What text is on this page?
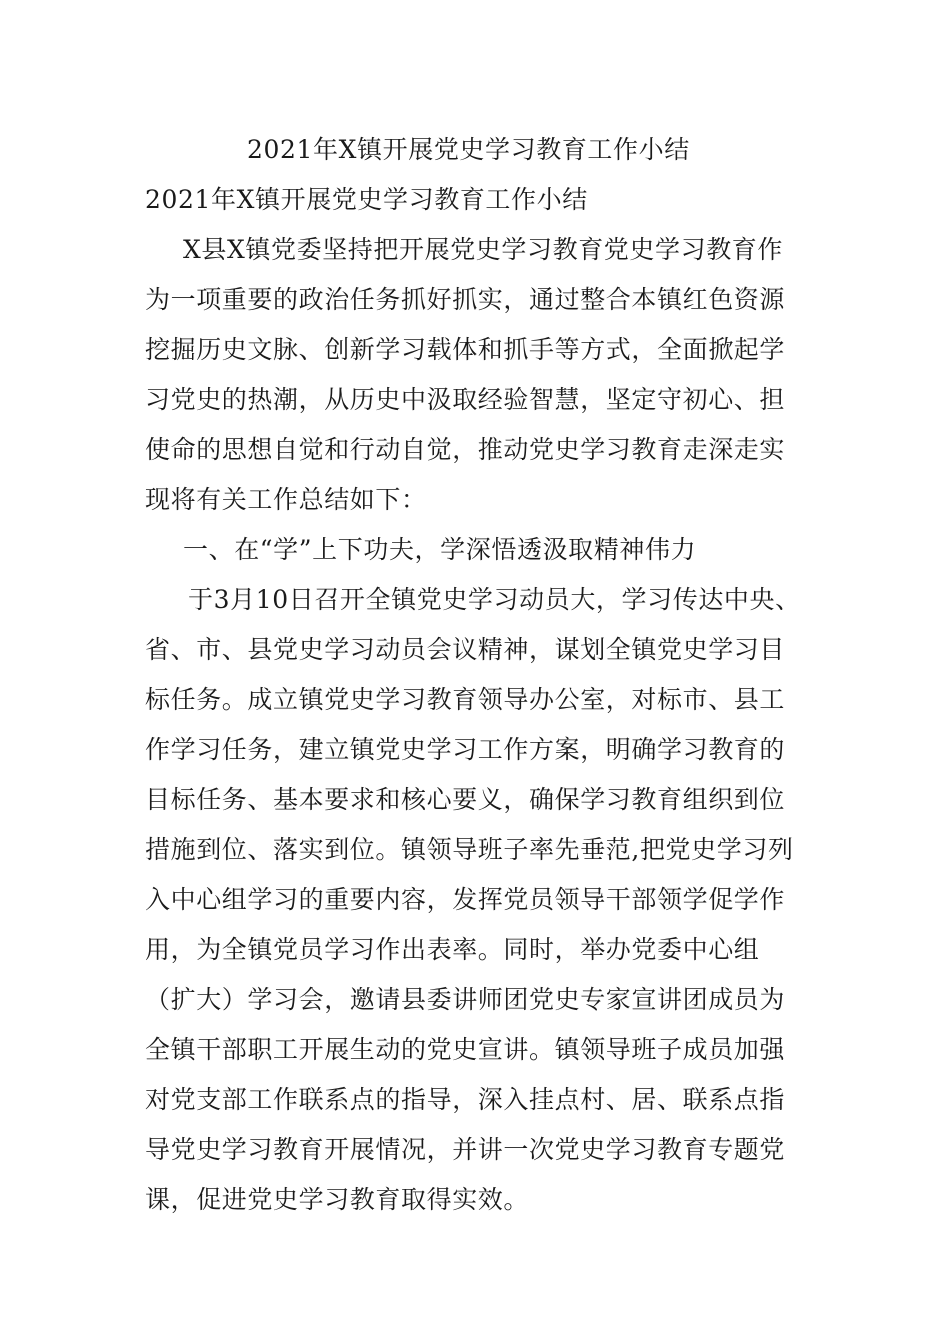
2021年X镇开展党史学习教育工作小结

2021年X镇开展党史学习教育工作小结

X县X镇党委坚持把开展党史学习教育党史学习教育作

为一项重要的政治任务抓好抓实，通过整合本镇红色资源

挖掘历史文脉、创新学习载体和抓手等方式，全面掀起学

习党史的热潮，从历史中汲取经验智慧，坚定守初心、担

使命的思想自觉和行动自觉，推动党史学习教育走深走实

现将有关工作总结如下：

一、在“学”上下功夫，学深悟透汲取精神伟力

于3月10日召开全镇党史学习动员大，学习传达中央、

省、市、县党史学习动员会议精神，谋划全镇党史学习目

标任务。成立镇党史学习教育领导办公室，对标市、县工

作学习任务，建立镇党史学习工作方案，明确学习教育的

目标任务、基本要求和核心要义，确保学习教育组织到位

措施到位、落实到位。镇领导班子率先垂范,把党史学习列

入中心组学习的重要内容，发挥党员领导干部领学促学作

用，为全镇党员学习作出表率。同时，举办党委中心组

（扩大）学习会，邀请县委讲师团党史专家宣讲团成员为

全镇干部职工开展生动的党史宣讲。镇领导班子成员加强

对党支部工作联系点的指导，深入挂点村、居、联系点指

导党史学习教育开展情况，并讲一次党史学习教育专题党

课，促进党史学习教育取得实效。
